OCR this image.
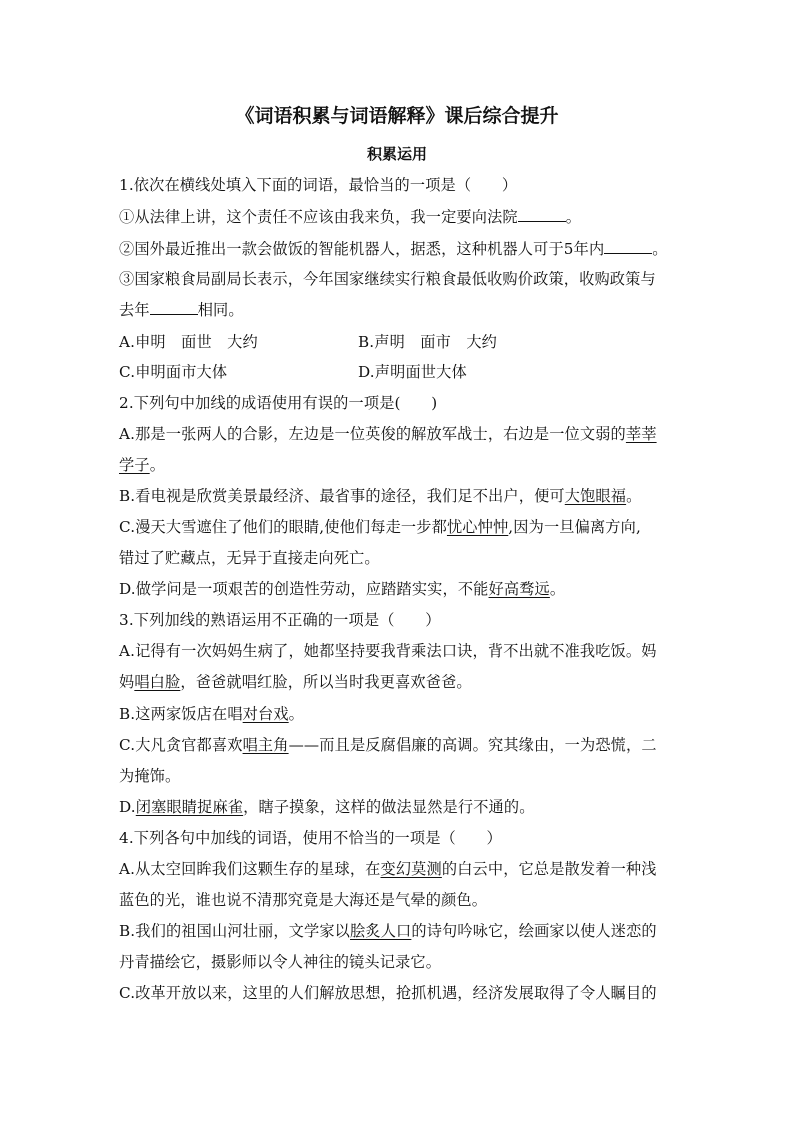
《词语积累与词语解释》课后综合提升
积累运用
1.依次在横线处填入下面的词语，最恰当的一项是（　　）
①从法律上讲，这个责任不应该由我来负，我一定要向法院	。
②国外最近推出一款会做饭的智能机器人，据悉，这种机器人可于5年内	。
③国家粮食局副局长表示，今年国家继续实行粮食最低收购价政策，收购政策与
去年	相同。
A.申明　面世　大约	B.声明　面市　大约
C.申明面市大体	D.声明面世大体
2.下列句中加线的成语使用有误的一项是(　　)
A.那是一张两人的合影，左边是一位英俊的解放军战士，右边是一位文弱的莘莘
学子。
B.看电视是欣赏美景最经济、最省事的途径，我们足不出户，便可大饱眼福。
C.漫天大雪遮住了他们的眼睛,使他们每走一步都忧心忡忡,因为一旦偏离方向,
错过了贮藏点，无异于直接走向死亡。
D.做学问是一项艰苦的创造性劳动，应踏踏实实，不能好高骛远。
3.下列加线的熟语运用不正确的一项是（　　）
A.记得有一次妈妈生病了，她都坚持要我背乘法口诀，背不出就不准我吃饭。妈
妈唱白脸，爸爸就唱红脸，所以当时我更喜欢爸爸。
B.这两家饭店在唱对台戏。
C.大凡贪官都喜欢唱主角——而且是反腐倡廉的高调。究其缘由，一为恐慌，二
为掩饰。
D.闭塞眼睛捉麻雀，瞎子摸象，这样的做法显然是行不通的。
4.下列各句中加线的词语，使用不恰当的一项是（　　）
A.从太空回眸我们这颗生存的星球，在变幻莫测的白云中，它总是散发着一种浅
蓝色的光，谁也说不清那究竟是大海还是气晕的颜色。
B.我们的祖国山河壮丽，文学家以脍炙人口的诗句吟咏它，绘画家以使人迷恋的
丹青描绘它，摄影师以令人神往的镜头记录它。
C.改革开放以来，这里的人们解放思想，抢抓机遇，经济发展取得了令人瞩目的
